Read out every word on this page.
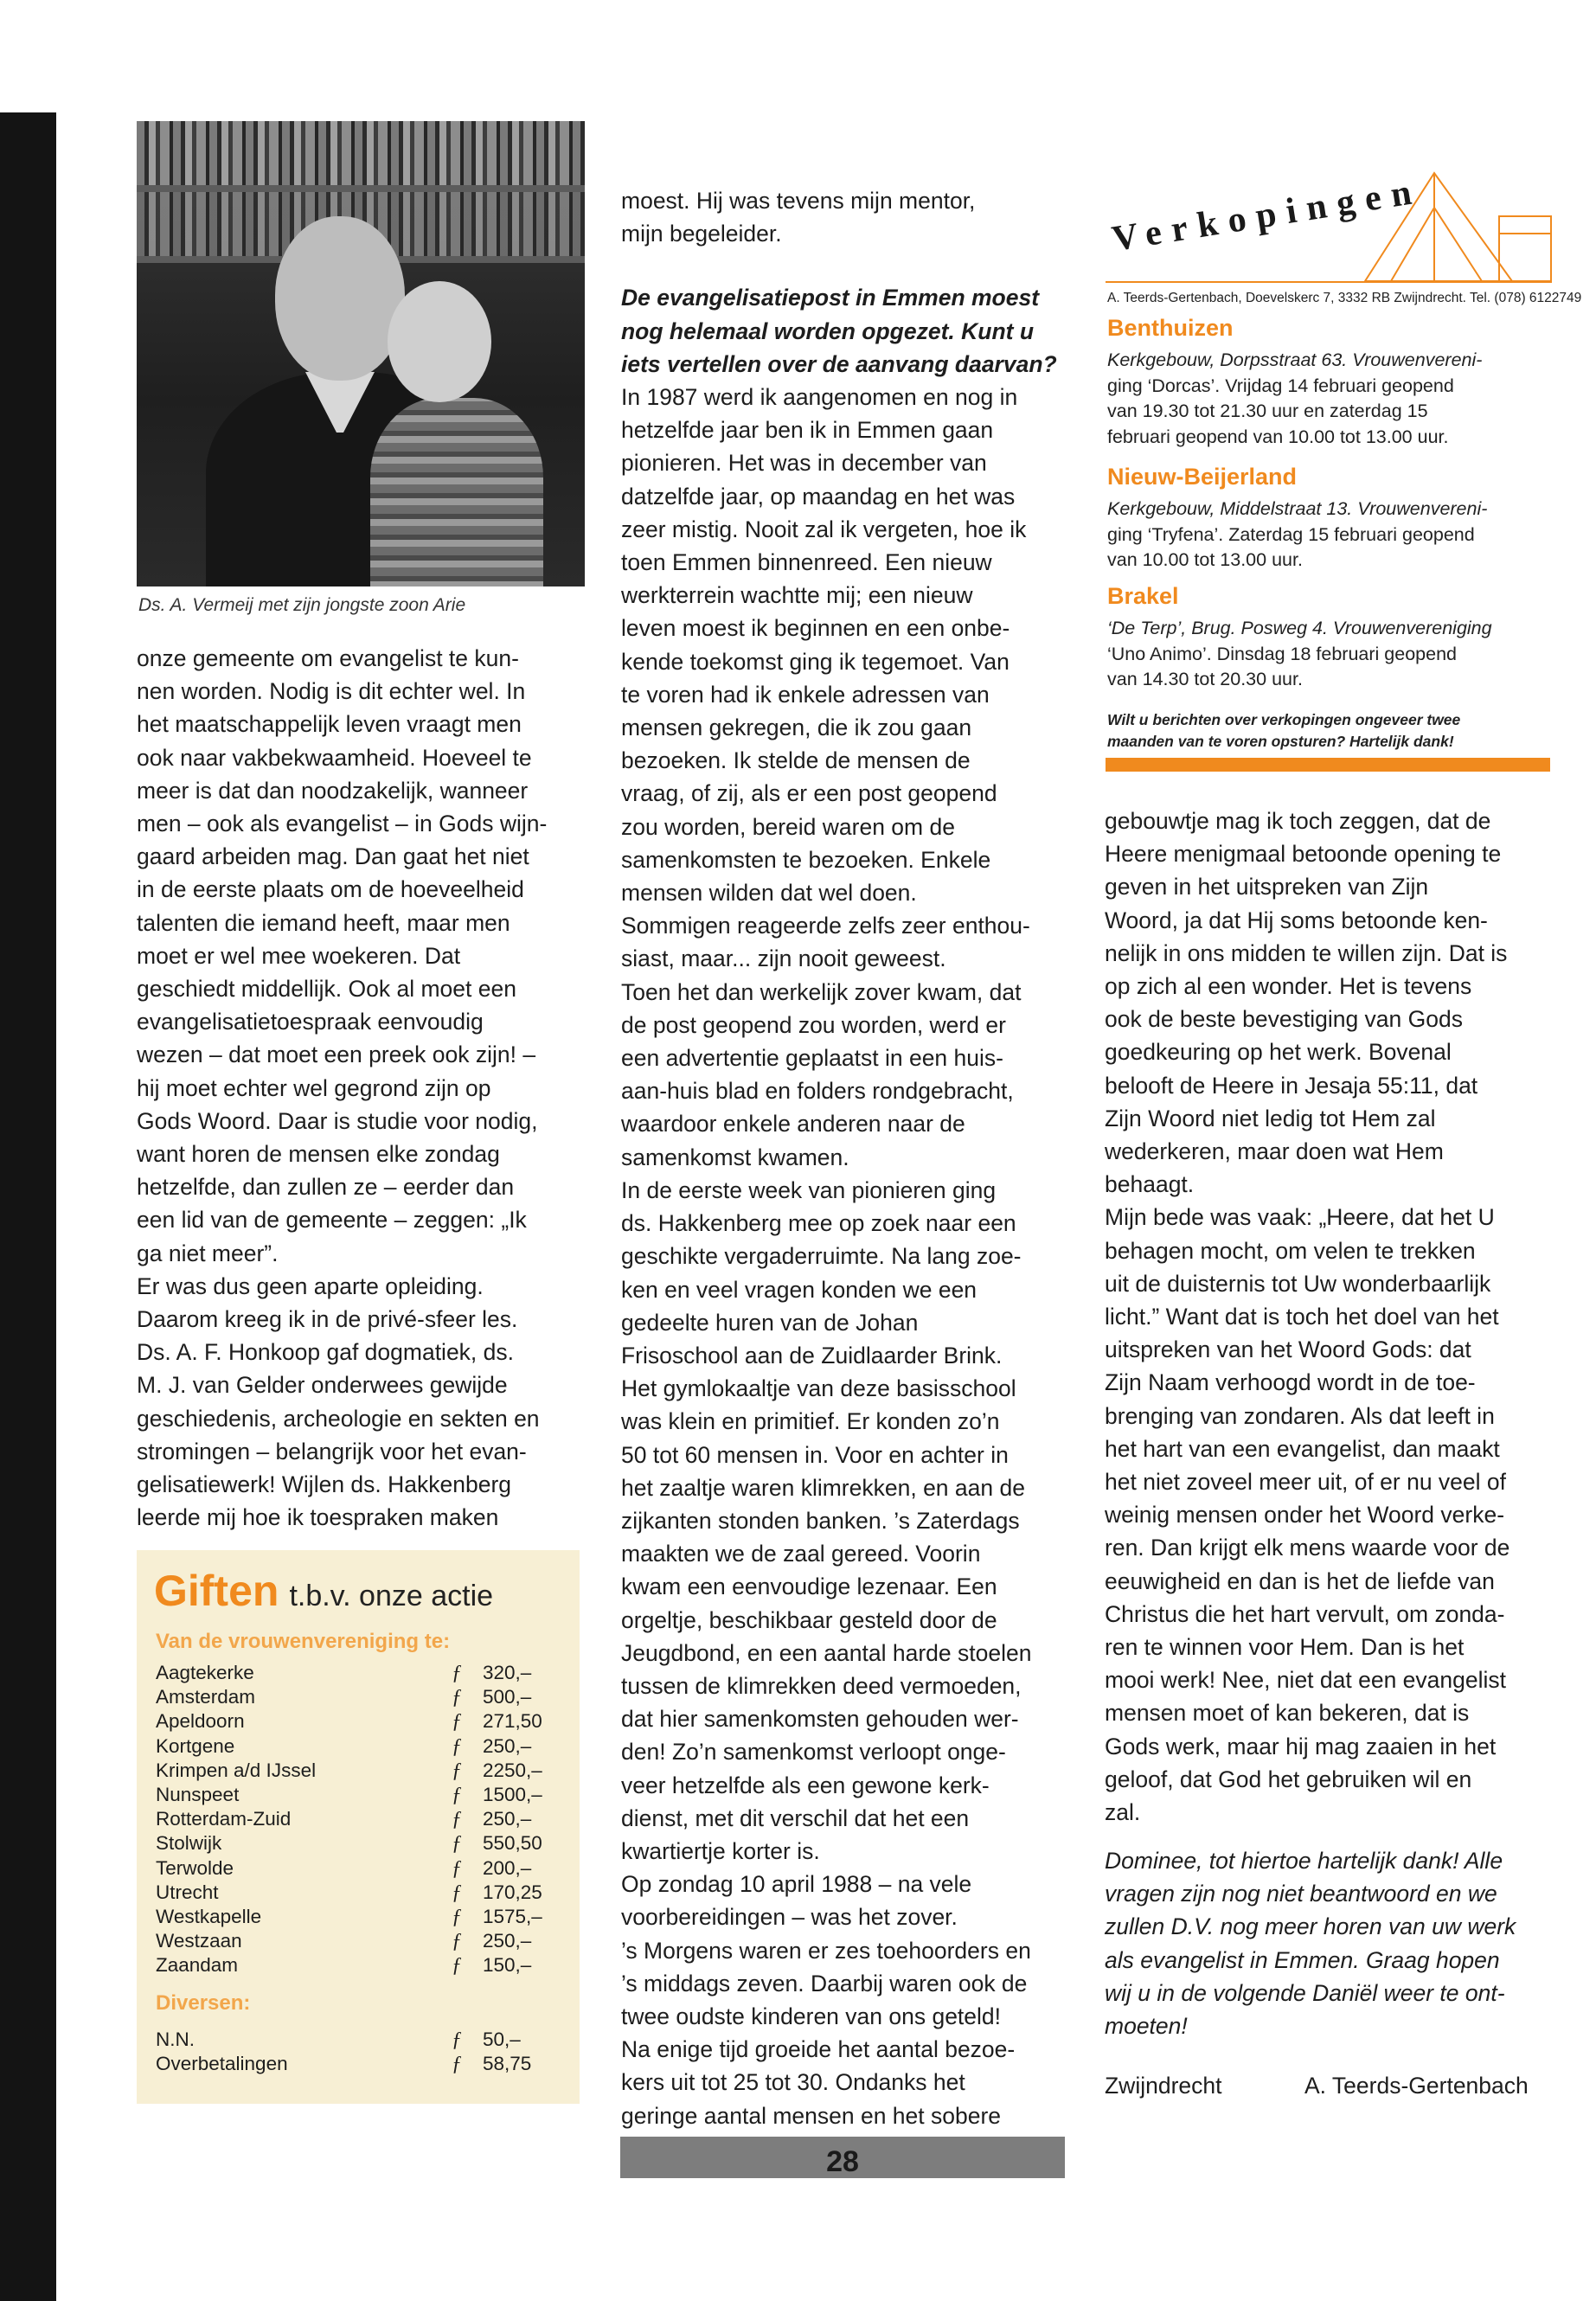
Ds. A. Vermeij met zijn jongste zoon Arie

onze gemeente om evangelist te kun-

nen worden. Nodig is dit echter wel. In

het maatschappelijk leven vraagt men

ook naar vakbekwaamheid. Hoeveel te

meer is dat dan noodzakelijk, wanneer

men – ook als evangelist – in Gods wijn-

gaard arbeiden mag. Dan gaat het niet

in de eerste plaats om de hoeveelheid

talenten die iemand heeft, maar men

moet er wel mee woekeren. Dat

geschiedt middellijk. Ook al moet een

evangelisatietoespraak eenvoudig

wezen – dat moet een preek ook zijn! –

hij moet echter wel gegrond zijn op

Gods Woord. Daar is studie voor nodig,

want horen de mensen elke zondag

hetzelfde, dan zullen ze – eerder dan

een lid van de gemeente – zeggen: „Ik

ga niet meer”.

Er was dus geen aparte opleiding.

Daarom kreeg ik in de privé-sfeer les.

Ds. A. F. Honkoop gaf dogmatiek, ds.

M. J. van Gelder onderwees gewijde

geschiedenis, archeologie en sekten en

stromingen – belangrijk voor het evan-

gelisatiewerk! Wijlen ds. Hakkenberg

leerde mij hoe ik toespraken maken

Giften t.b.v. onze actie
Van de vrouwenvereniging te:
Aagtekerke	ƒ	320,–
Amsterdam	ƒ	500,–
Apeldoorn	ƒ	271,50
Kortgene	ƒ	250,–
Krimpen a/d IJssel	ƒ	2250,–
Nunspeet	ƒ	1500,–
Rotterdam-Zuid	ƒ	250,–
Stolwijk	ƒ	550,50
Terwolde	ƒ	200,–
Utrecht	ƒ	170,25
Westkapelle	ƒ	1575,–
Westzaan	ƒ	250,–
Zaandam	ƒ	150,–
Diversen:
N.N.	ƒ	50,–
Overbetalingen	ƒ	58,75

moest. Hij was tevens mijn mentor,

mijn begeleider.

De evangelisatiepost in Emmen moest

nog helemaal worden opgezet. Kunt u

iets vertellen over de aanvang daarvan?

In 1987 werd ik aangenomen en nog in

hetzelfde jaar ben ik in Emmen gaan

pionieren. Het was in december van

datzelfde jaar, op maandag en het was

zeer mistig. Nooit zal ik vergeten, hoe ik

toen Emmen binnenreed. Een nieuw

werkterrein wachtte mij; een nieuw

leven moest ik beginnen en een onbe-

kende toekomst ging ik tegemoet. Van

te voren had ik enkele adressen van

mensen gekregen, die ik zou gaan

bezoeken. Ik stelde de mensen de

vraag, of zij, als er een post geopend

zou worden, bereid waren om de

samenkomsten te bezoeken. Enkele

mensen wilden dat wel doen.

Sommigen reageerde zelfs zeer enthou-

siast, maar... zijn nooit geweest.

Toen het dan werkelijk zover kwam, dat

de post geopend zou worden, werd er

een advertentie geplaatst in een huis-

aan-huis blad en folders rondgebracht,

waardoor enkele anderen naar de

samenkomst kwamen.

In de eerste week van pionieren ging

ds. Hakkenberg mee op zoek naar een

geschikte vergaderruimte. Na lang zoe-

ken en veel vragen konden we een

gedeelte huren van de Johan

Frisoschool aan de Zuidlaarder Brink.

Het gymlokaaltje van deze basisschool

was klein en primitief. Er konden zo’n

50 tot 60 mensen in. Voor en achter in

het zaaltje waren klimrekken, en aan de

zijkanten stonden banken. ’s Zaterdags

maakten we de zaal gereed. Voorin

kwam een eenvoudige lezenaar. Een

orgeltje, beschikbaar gesteld door de

Jeugdbond, en een aantal harde stoelen

tussen de klimrekken deed vermoeden,

dat hier samenkomsten gehouden wer-

den! Zo’n samenkomst verloopt onge-

veer hetzelfde als een gewone kerk-

dienst, met dit verschil dat het een

kwartiertje korter is.

Op zondag 10 april 1988 – na vele

voorbereidingen – was het zover.

’s Morgens waren er zes toehoorders en

’s middags zeven. Daarbij waren ook de

twee oudste kinderen van ons geteld!

Na enige tijd groeide het aantal bezoe-

kers uit tot 25 tot 30. Ondanks het

geringe aantal mensen en het sobere

Verkopingen
A. Teerds-Gertenbach, Doevelskerc 7, 3332 RB Zwijndrecht. Tel. (078) 6122749
Benthuizen
Kerkgebouw, Dorpsstraat 63. Vrouwenvereni-
ging ‘Dorcas’. Vrijdag 14 februari geopend
van 19.30 tot 21.30 uur en zaterdag 15
februari geopend van 10.00 tot 13.00 uur.
Nieuw-Beijerland
Kerkgebouw, Middelstraat 13. Vrouwenvereni-
ging ‘Tryfena’. Zaterdag 15 februari geopend
van 10.00 tot 13.00 uur.
Brakel
‘De Terp’, Brug. Posweg 4. Vrouwenvereniging
‘Uno Animo’. Dinsdag 18 februari geopend
van 14.30 tot 20.30 uur.
Wilt u berichten over verkopingen ongeveer twee
maanden van te voren opsturen? Hartelijk dank!

gebouwtje mag ik toch zeggen, dat de

Heere menigmaal betoonde opening te

geven in het uitspreken van Zijn

Woord, ja dat Hij soms betoonde ken-

nelijk in ons midden te willen zijn. Dat is

op zich al een wonder. Het is tevens

ook de beste bevestiging van Gods

goedkeuring op het werk. Bovenal

belooft de Heere in Jesaja 55:11, dat

Zijn Woord niet ledig tot Hem zal

wederkeren, maar doen wat Hem

behaagt.

Mijn bede was vaak: „Heere, dat het U

behagen mocht, om velen te trekken

uit de duisternis tot Uw wonderbaarlijk

licht.” Want dat is toch het doel van het

uitspreken van het Woord Gods: dat

Zijn Naam verhoogd wordt in de toe-

brenging van zondaren. Als dat leeft in

het hart van een evangelist, dan maakt

het niet zoveel meer uit, of er nu veel of

weinig mensen onder het Woord verke-

ren. Dan krijgt elk mens waarde voor de

eeuwigheid en dan is het de liefde van

Christus die het hart vervult, om zonda-

ren te winnen voor Hem. Dan is het

mooi werk! Nee, niet dat een evangelist

mensen moet of kan bekeren, dat is

Gods werk, maar hij mag zaaien in het

geloof, dat God het gebruiken wil en

zal.

Dominee, tot hiertoe hartelijk dank! Alle

vragen zijn nog niet beantwoord en we

zullen D.V. nog meer horen van uw werk

als evangelist in Emmen. Graag hopen

wij u in de volgende Daniël weer te ont-

moeten!

Zwijndrecht	A. Teerds-Gertenbach
28
